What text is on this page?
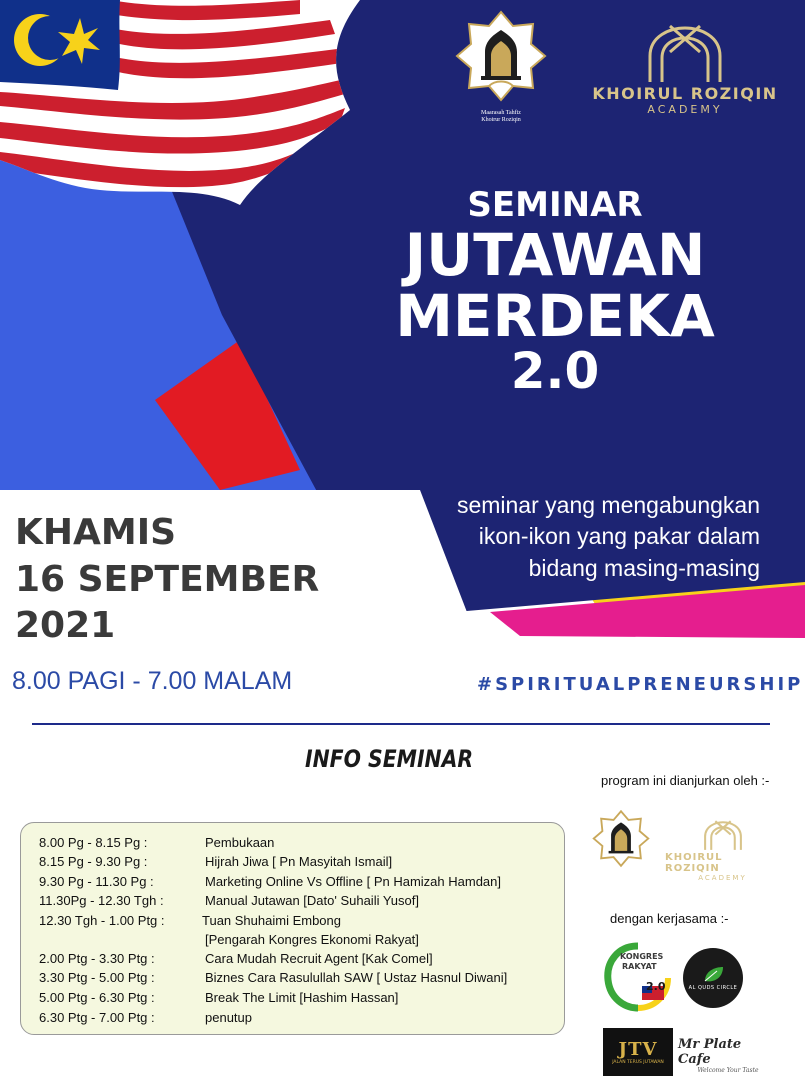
Maarasah Tahfiz
Khoirur Roziqin
KHOIRUL ROZIQIN
ACADEMY
SEMINAR
JUTAWAN
MERDEKA
2.0
seminar yang mengabungkan
ikon-ikon yang pakar dalam
bidang masing-masing
KHAMIS
16 SEPTEMBER
2021
8.00 PAGI - 7.00 MALAM	#SPIRITUALPRENEURSHIP
INFO SEMINAR
8.00 Pg - 8.15 Pg :	Pembukaan
8.15 Pg - 9.30 Pg :	Hijrah Jiwa [ Pn Masyitah Ismail]
9.30 Pg - 11.30 Pg :	Marketing Online Vs Offline [ Pn Hamizah Hamdan]
11.30Pg - 12.30 Tgh :	Manual Jutawan [Dato' Suhaili Yusof]
12.30 Tgh - 1.00 Ptg :	Tuan Shuhaimi Embong
[Pengarah Kongres Ekonomi Rakyat]
2.00 Ptg - 3.30 Ptg :	Cara Mudah Recruit Agent [Kak Comel]
3.30 Ptg - 5.00 Ptg :	Biznes Cara Rasulullah SAW [ Ustaz Hasnul Diwani]
5.00 Ptg - 6.30 Ptg :	Break The Limit [Hashim Hassan]
6.30 Ptg - 7.00 Ptg :	penutup
program ini dianjurkan oleh :-
KHOIRUL ROZIQIN
ACADEMY
dengan kerjasama :-
KONGRES
RAKYAT
2.0	AL QUDS CIRCLE
JTV
JALAN TERUS JUTAWAN
Mr Plate Cafe
Welcome Your Taste
